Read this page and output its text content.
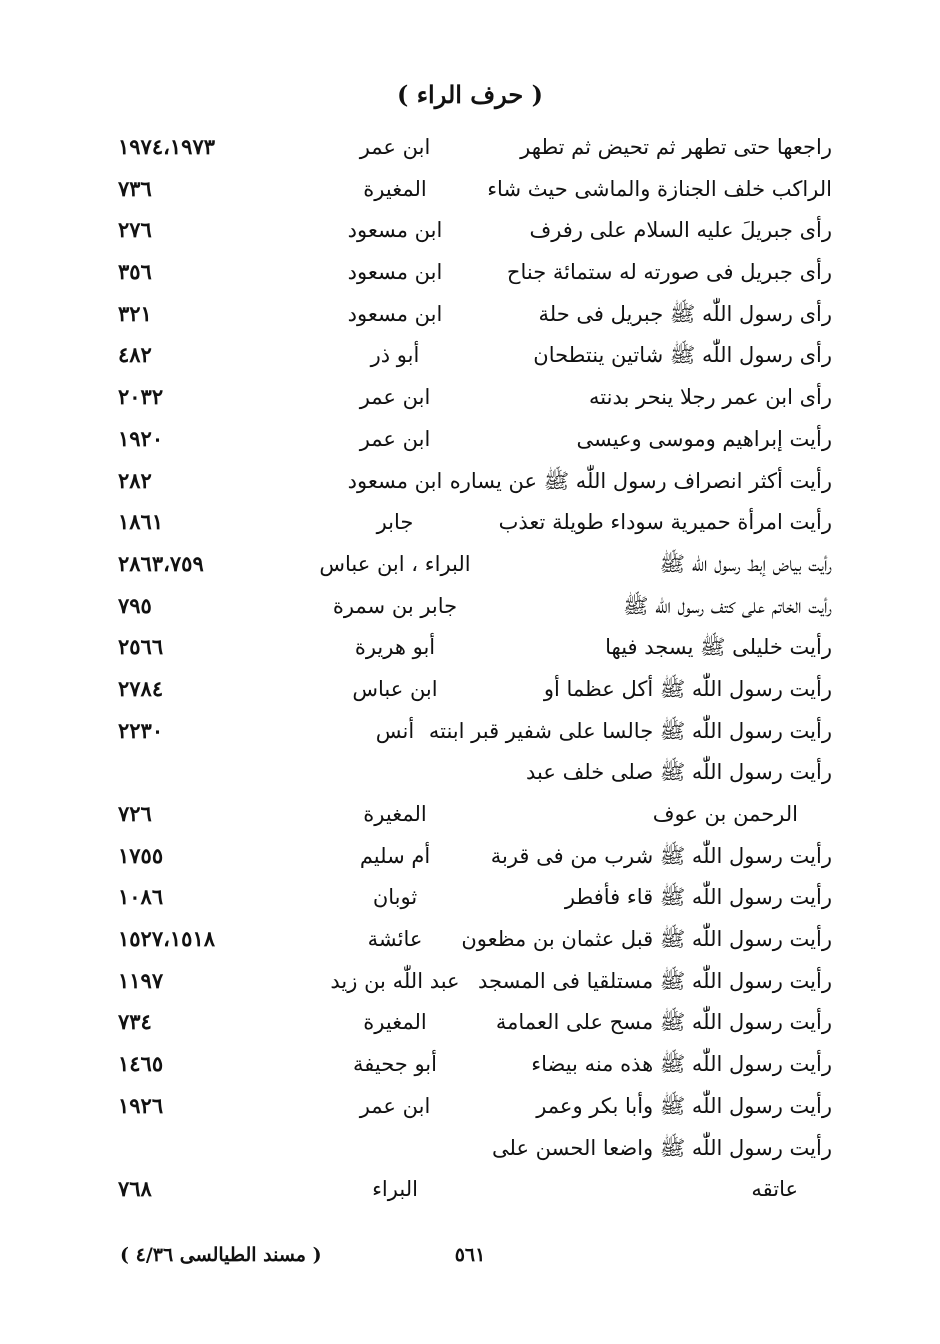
( حرف الراء )
راجعها حتى تطهر ثم تحيض ثم تطهر
ابن عمر
١٩٧٤،١٩٧٣
الراكب خلف الجنازة والماشى حيث شاء
المغيرة
٧٣٦
رأى جبريلَ عليه السلام على رفرف
ابن مسعود
٢٧٦
رأى جبريل فى صورته له ستمائة جناح
ابن مسعود
٣٥٦
رأى رسول اللّٰه ﷺ جبريل فى حلة
ابن مسعود
٣٢١
رأى رسول اللّٰه ﷺ شاتين ينتطحان
أبو ذر
٤٨٢
رأى ابن عمر رجلا ينحر بدنته
ابن عمر
٢٠٣٢
رأيت إبراهيم وموسى وعيسى
ابن عمر
١٩٢٠
رأيت أكثر انصراف رسول اللّٰه ﷺ عن يساره
ابن مسعود
٢٨٢
رأيت امرأة حميرية سوداء طويلة تعذب
جابر
١٨٦١
رأيت بياض إبط رسول اللّٰه ﷺ
البراء ، ابن عباس
٢٨٦٣،٧٥٩
رأيت الخاتم على كتف رسول اللّٰه ﷺ
جابر بن سمرة
٧٩٥
رأيت خليلى ﷺ يسجد فيها
أبو هريرة
٢٥٦٦
رأيت رسول اللّٰه ﷺ أكل عظما أو
ابن عباس
٢٧٨٤
رأيت رسول اللّٰه ﷺ جالسا على شفير قبر ابنته
أنس
٢٢٣٠
رأيت رسول اللّٰه ﷺ صلى خلف عبد
الرحمن بن عوف
المغيرة
٧٢٦
رأيت رسول اللّٰه ﷺ شرب من فى قربة
أم سليم
١٧٥٥
رأيت رسول اللّٰه ﷺ قاء فأفطر
ثوبان
١٠٨٦
رأيت رسول اللّٰه ﷺ قبل عثمان بن مظعون
عائشة
١٥٢٧،١٥١٨
رأيت رسول اللّٰه ﷺ مستلقيا فى المسجد
عبد اللّٰه بن زيد
١١٩٧
رأيت رسول اللّٰه ﷺ مسح على العمامة
المغيرة
٧٣٤
رأيت رسول اللّٰه ﷺ هذه منه بيضاء
أبو جحيفة
١٤٦٥
رأيت رسول اللّٰه ﷺ وأبا بكر وعمر
ابن عمر
١٩٢٦
رأيت رسول اللّٰه ﷺ واضعا الحسن على
عاتقه
البراء
٧٦٨
٥٦١
( مسند الطيالسى ٤/٣٦ )
